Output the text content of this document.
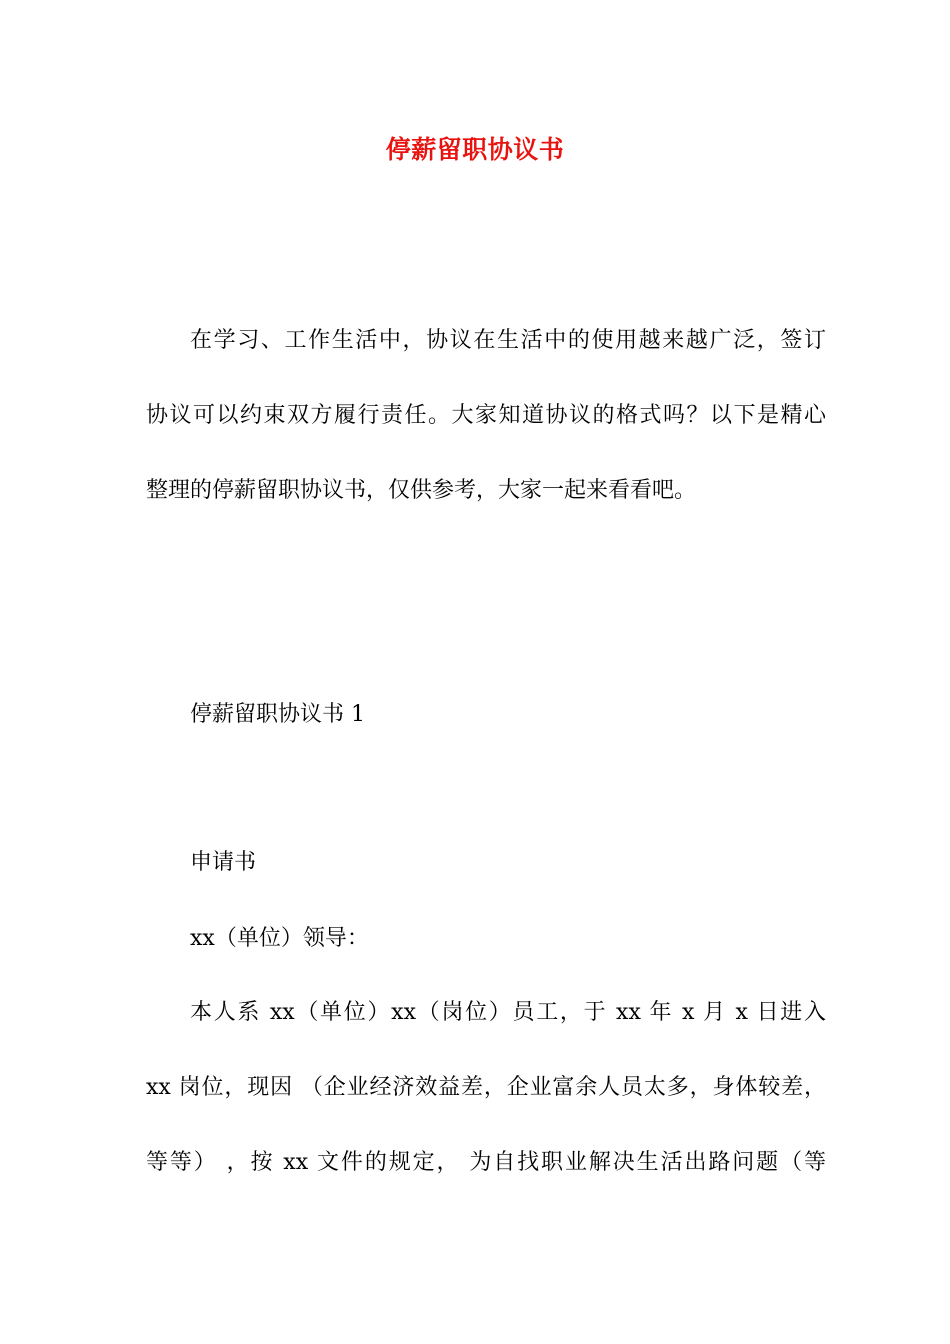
停薪留职协议书
在学习、工作生活中，协议在生活中的使用越来越广泛，签订
协议可以约束双方履行责任。大家知道协议的格式吗？以下是精心
整理的停薪留职协议书，仅供参考，大家一起来看看吧。
停薪留职协议书 1
申请书
xx（单位）领导：
本人系 xx（单位）xx（岗位）员工，于 xx 年 x 月 x 日进入
xx 岗位，现因 （企业经济效益差，企业富余人员太多，身体较差，
等等） ，按 xx 文件的规定， 为自找职业解决生活出路问题（等
